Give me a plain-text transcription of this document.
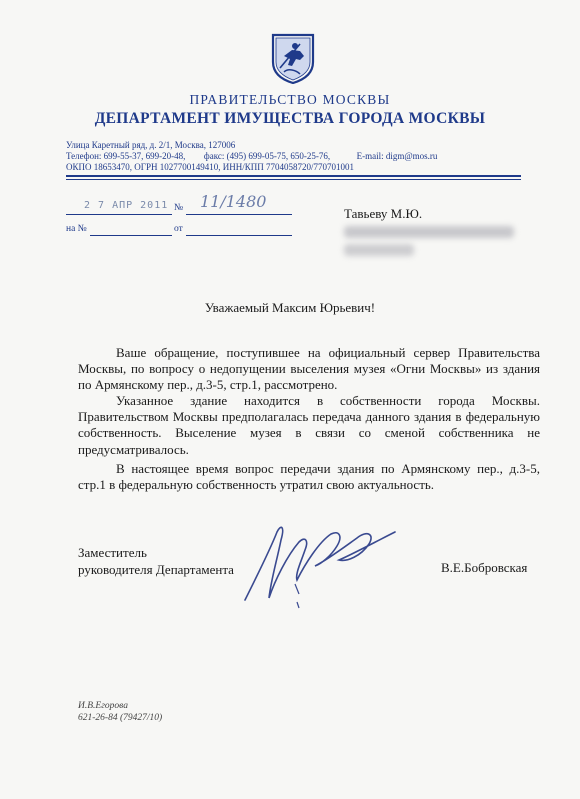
ПРАВИТЕЛЬСТВО МОСКВЫ
ДЕПАРТАМЕНТ ИМУЩЕСТВА ГОРОДА МОСКВЫ
Улица Каретный ряд, д. 2/1, Москва, 127006
Телефон: 699-55-37, 699-20-48, факс: (495) 699-05-75, 650-25-76,	E-mail: digm@mos.ru
ОКПО 18653470, ОГРН 1027700149410, ИНН/КПП 7704058720/770701001
2 7 АПР 2011 № 11/1480
на №	от
Тавьеву М.Ю.
Уважаемый Максим Юрьевич!

Ваше обращение, поступившее на официальный сервер Правительства Москвы, по вопросу о недопущении выселения музея «Огни Москвы» из здания по Армянскому пер., д.3-5, стр.1, рассмотрено.

Указанное здание находится в собственности города Москвы. Правительством Москвы предполагалась передача данного здания в федеральную собственность. Выселение музея в связи со сменой собственника не предусматривалось.

В настоящее время вопрос передачи здания по Армянскому пер., д.3-5, стр.1 в федеральную собственность утратил свою актуальность.

Заместитель
руководителя Департамента	В.Е.Бобровская
И.В.Егорова
621-26-84 (79427/10)
